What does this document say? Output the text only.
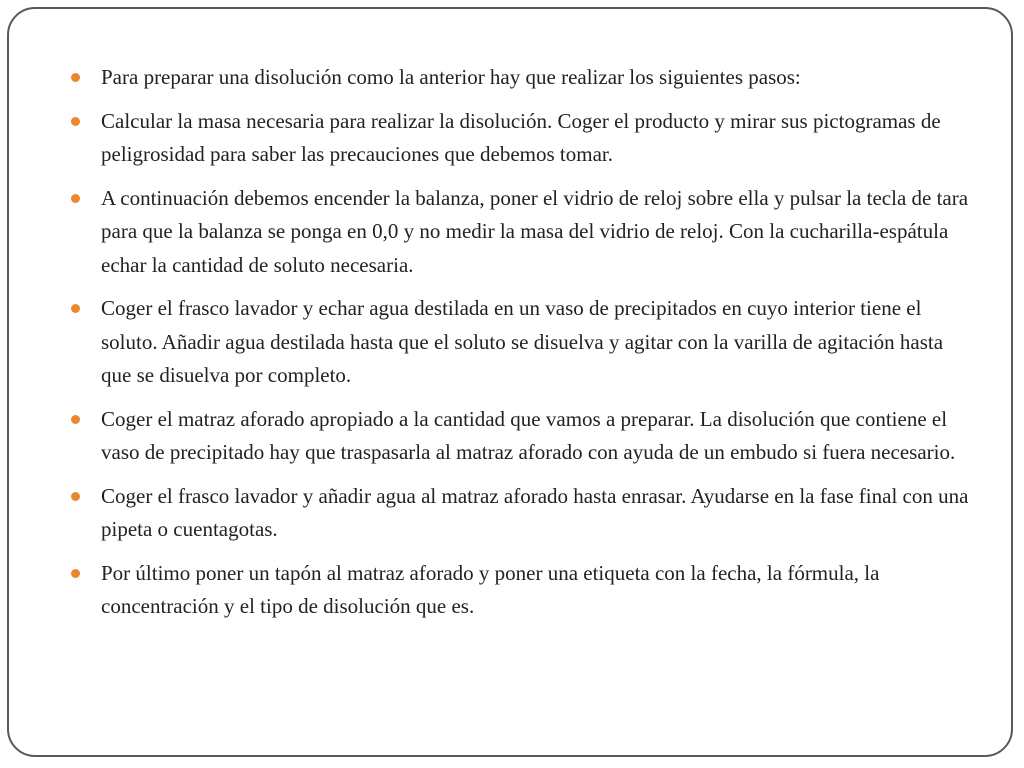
Para preparar una disolución como la anterior hay que realizar los siguientes pasos:
Calcular la masa necesaria para realizar la disolución. Coger el producto y mirar sus pictogramas de peligrosidad para saber las precauciones que debemos tomar.
A continuación debemos encender la balanza, poner el vidrio de reloj sobre ella y pulsar la tecla de tara para que la balanza se ponga en 0,0 y no medir la masa del vidrio de reloj. Con la cucharilla-espátula echar la cantidad de soluto necesaria.
Coger el frasco lavador y echar agua destilada en un vaso de precipitados en cuyo interior tiene el soluto. Añadir agua destilada hasta que el soluto se disuelva y agitar con la varilla de agitación hasta que se disuelva por completo.
Coger el matraz aforado apropiado a la cantidad que vamos a preparar. La disolución que contiene el vaso de precipitado hay que traspasarla al matraz aforado con ayuda de un embudo si fuera necesario.
Coger el frasco lavador y añadir agua al matraz aforado hasta enrasar. Ayudarse en la fase final con una pipeta o cuentagotas.
Por último poner un tapón al matraz aforado y poner una etiqueta con la fecha, la fórmula, la concentración y el tipo de disolución que es.
